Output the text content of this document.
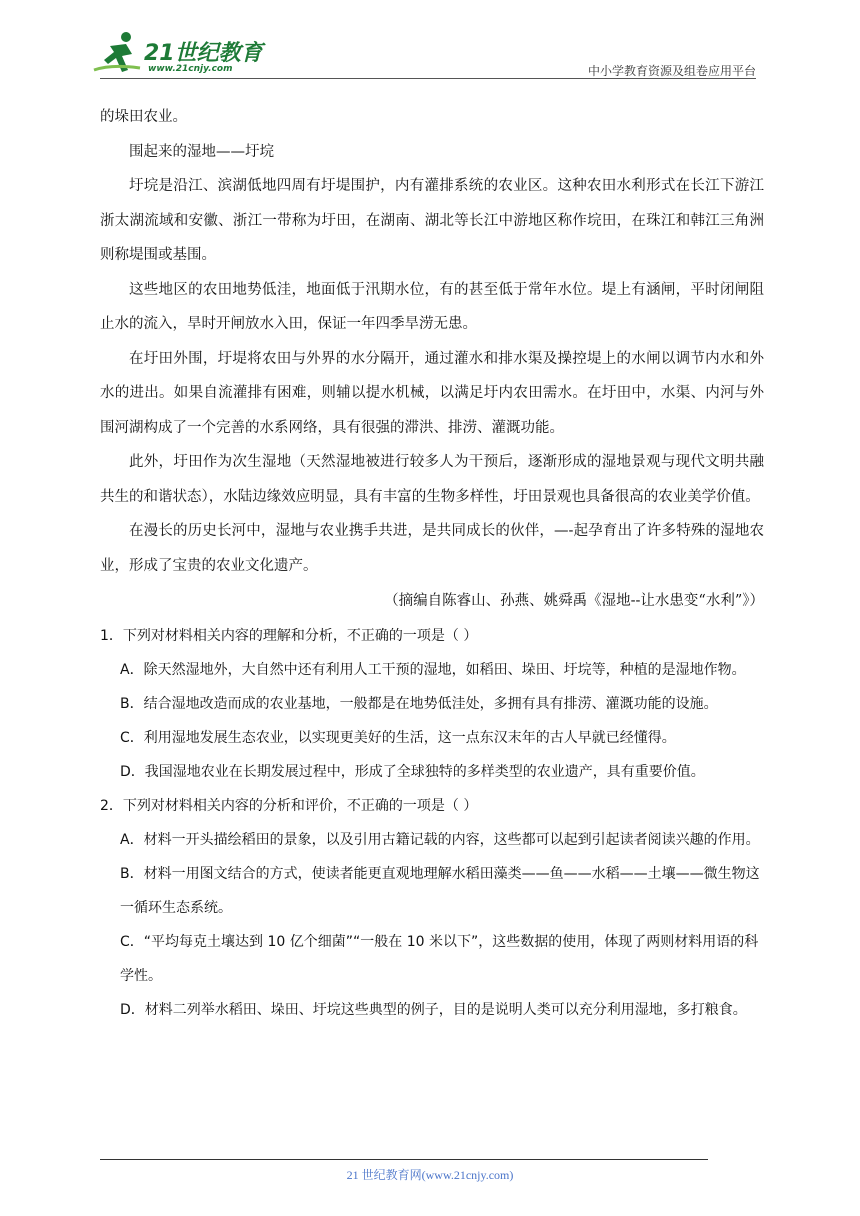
21世纪教育
www.21cnjy.com	中小学教育资源及组卷应用平台

的垛田农业。

围起来的湿地——圩垸

圩垸是沿江、滨湖低地四周有圩堤围护，内有灌排系统的农业区。这种农田水利形式在长江下游江浙太湖流域和安徽、浙江一带称为圩田，在湖南、湖北等长江中游地区称作垸田，在珠江和韩江三角洲则称堤围或基围。

这些地区的农田地势低洼，地面低于汛期水位，有的甚至低于常年水位。堤上有涵闸，平时闭闸阻止水的流入，旱时开闸放水入田，保证一年四季旱涝无患。

在圩田外围，圩堤将农田与外界的水分隔开，通过灌水和排水渠及操控堤上的水闸以调节内水和外水的进出。如果自流灌排有困难，则辅以提水机械，以满足圩内农田需水。在圩田中，水渠、内河与外围河湖构成了一个完善的水系网络，具有很强的滞洪、排涝、灌溉功能。

此外，圩田作为次生湿地（天然湿地被进行较多人为干预后，逐渐形成的湿地景观与现代文明共融共生的和谐状态），水陆边缘效应明显，具有丰富的生物多样性，圩田景观也具备很高的农业美学价值。

在漫长的历史长河中，湿地与农业携手共进，是共同成长的伙伴，—-起孕育出了许多特殊的湿地农业，形成了宝贵的农业文化遗产。

（摘编自陈睿山、孙燕、姚舜禹《湿地--让水患变“水利”》）

1．下列对材料相关内容的理解和分析，不正确的一项是（ ）

A．除天然湿地外，大自然中还有利用人工干预的湿地，如稻田、垛田、圩垸等，种植的是湿地作物。

B．结合湿地改造而成的农业基地，一般都是在地势低洼处，多拥有具有排涝、灌溉功能的设施。

C．利用湿地发展生态农业，以实现更美好的生活，这一点东汉末年的古人早就已经懂得。

D．我国湿地农业在长期发展过程中，形成了全球独特的多样类型的农业遗产，具有重要价值。

2．下列对材料相关内容的分析和评价，不正确的一项是（ ）

A．材料一开头描绘稻田的景象，以及引用古籍记载的内容，这些都可以起到引起读者阅读兴趣的作用。

B．材料一用图文结合的方式，使读者能更直观地理解水稻田藻类——鱼——水稻——土壤——微生物这一循环生态系统。

C．“平均每克土壤达到 10 亿个细菌”“一般在 10 米以下”，这些数据的使用，体现了两则材料用语的科学性。

D．材料二列举水稻田、垛田、圩垸这些典型的例子，目的是说明人类可以充分利用湿地，多打粮食。

21 世纪教育网(www.21cnjy.com)
